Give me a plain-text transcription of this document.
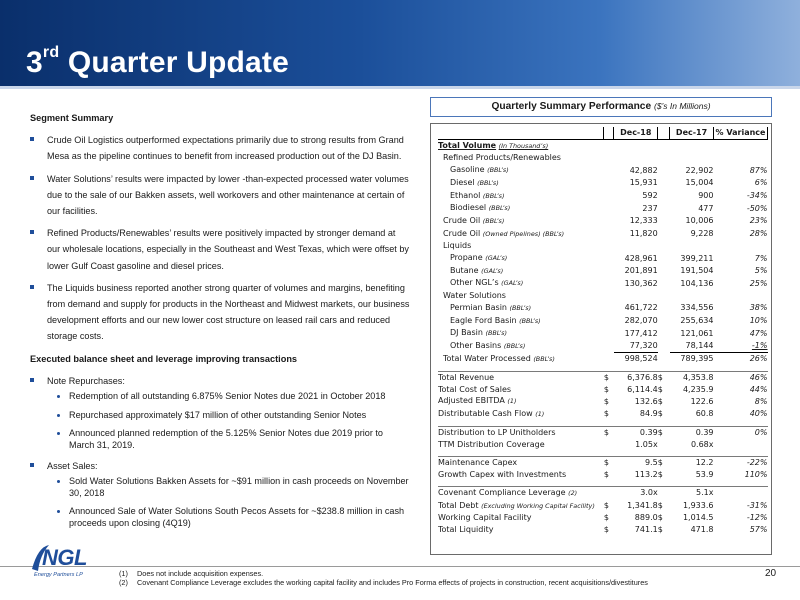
3rd Quarter Update
Segment Summary
Crude Oil Logistics outperformed expectations primarily due to strong results from Grand Mesa as the pipeline continues to benefit from increased production out of the DJ Basin.
Water Solutions’ results were impacted by lower -than-expected processed water volumes due to the sale of our Bakken assets, well workovers and other maintenance at certain of our facilities.
Refined Products/Renewables’ results were positively impacted by stronger demand at our wholesale locations, especially in the Southeast and West Texas, which were offset by lower Gulf Coast gasoline and diesel prices.
The Liquids business reported another strong quarter of volumes and margins, benefiting from demand and supply for products in the Northeast and Midwest markets, our business development efforts and our new lower cost structure on leased rail cars and reduced storage costs.
Executed balance sheet and leverage improving transactions
Note Repurchases:
Redemption of all outstanding 6.875% Senior Notes due 2021 in October 2018
Repurchased approximately $17 million of other outstanding Senior Notes
Announced planned redemption of the 5.125% Senior Notes due 2019 prior to March 31, 2019.
Asset Sales:
Sold Water Solutions Bakken Assets for ~$91 million in cash proceeds on November 30, 2018
Announced Sale of Water Solutions South Pecos Assets for ~$238.8 million in cash proceeds upon closing (4Q19)
Quarterly Summary Performance ($’s In Millions)
		Dec-18		Dec-17	% Variance
Total Volume (In Thousand’s)					
Refined Products/Renewables					
Gasoline (BBL’s)		42,882		22,902	87%
Diesel (BBL’s)		15,931		15,004	6%
Ethanol (BBL’s)		592		900	-34%
Biodiesel (BBL’s)		237		477	-50%
Crude Oil (BBL’s)		12,333		10,006	23%
Crude Oil (Owned Pipelines) (BBL’s)		11,820		9,228	28%
Liquids					
Propane (GAL’s)		428,961		399,211	7%
Butane (GAL’s)		201,891		191,504	5%
Other NGL’s (GAL’s)		130,362		104,136	25%
Water Solutions					
Permian Basin (BBL’s)		461,722		334,556	38%
Eagle Ford Basin (BBL’s)		282,070		255,634	10%
DJ Basin (BBL’s)		177,412		121,061	47%
Other Basins (BBL’s)		77,320		78,144	-1%
Total Water Processed (BBL’s)		998,524		789,395	26%

Total Revenue	$	6,376.8	$	4,353.8	46%
Total Cost of Sales	$	6,114.4	$	4,235.9	44%
Adjusted EBITDA (1)	$	132.6	$	122.6	8%
Distributable Cash Flow (1)	$	84.9	$	60.8	40%

Distribution to LP Unitholders	$	0.39	$	0.39	0%
TTM Distribution Coverage		1.05x		0.68x	

Maintenance Capex	$	9.5	$	12.2	-22%
Growth Capex with Investments	$	113.2	$	53.9	110%

Covenant Compliance Leverage (2)		3.0x		5.1x	
Total Debt (Excluding Working Capital Facility)	$	1,341.8	$	1,933.6	-31%
Working Capital Facility	$	889.0	$	1,014.5	-12%
Total Liquidity	$	741.1	$	471.8	57%
NGL
Energy Partners LP	(1)	Does not include acquisition expenses.
(2)	Covenant Compliance Leverage excludes the working capital facility and includes Pro Forma effects of projects in construction, recent acquisitions/divestitures
20
